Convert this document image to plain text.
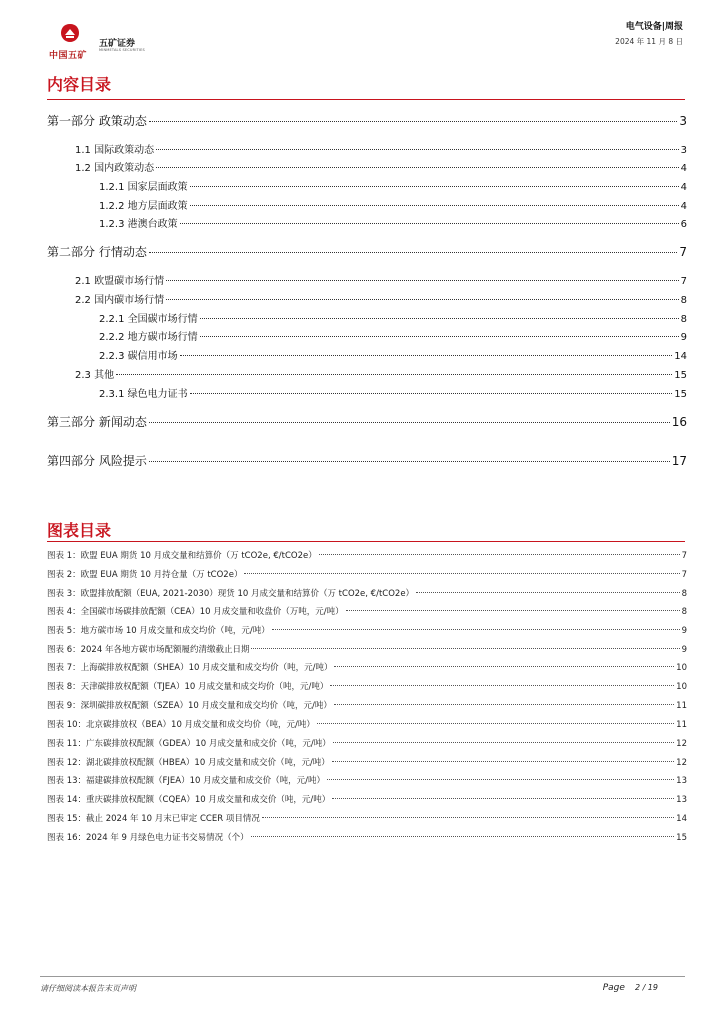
中国五矿
五矿证券
MINMETALS SECURITIES
电气设备|周报
2024 年 11 月 8 日
内容目录
第一部分 政策动态	3
1.1 国际政策动态	3
1.2 国内政策动态	4
1.2.1 国家层面政策	4
1.2.2 地方层面政策	4
1.2.3 港澳台政策	6
第二部分 行情动态	7
2.1 欧盟碳市场行情	7
2.2 国内碳市场行情	8
2.2.1 全国碳市场行情	8
2.2.2 地方碳市场行情	9
2.2.3 碳信用市场	14
2.3 其他	15
2.3.1 绿色电力证书	15
第三部分 新闻动态	16
第四部分 风险提示	17
图表目录
图表 1：欧盟 EUA 期货 10 月成交量和结算价（万 tCO2e, €/tCO2e）	7
图表 2：欧盟 EUA 期货 10 月持仓量（万 tCO2e）	7
图表 3：欧盟排放配额（EUA, 2021-2030）现货 10 月成交量和结算价（万 tCO2e, €/tCO2e）	8
图表 4：全国碳市场碳排放配额（CEA）10 月成交量和收盘价（万吨，元/吨）	8
图表 5：地方碳市场 10 月成交量和成交均价（吨，元/吨）	9
图表 6：2024 年各地方碳市场配额履约清缴截止日期	9
图表 7：上海碳排放权配额（SHEA）10 月成交量和成交均价（吨，元/吨）	10
图表 8：天津碳排放权配额（TJEA）10 月成交量和成交均价（吨，元/吨）	10
图表 9：深圳碳排放权配额（SZEA）10 月成交量和成交均价（吨，元/吨）	11
图表 10：北京碳排放权（BEA）10 月成交量和成交均价（吨，元/吨）	11
图表 11：广东碳排放权配额（GDEA）10 月成交量和成交价（吨，元/吨）	12
图表 12：湖北碳排放权配额（HBEA）10 月成交量和成交价（吨，元/吨）	12
图表 13：福建碳排放权配额（FJEA）10 月成交量和成交价（吨，元/吨）	13
图表 14：重庆碳排放权配额（CQEA）10 月成交量和成交价（吨，元/吨）	13
图表 15：截止 2024 年 10 月末已审定 CCER 项目情况	14
图表 16：2024 年 9 月绿色电力证书交易情况（个）	15
请仔细阅读本报告末页声明	Page 2 / 19
